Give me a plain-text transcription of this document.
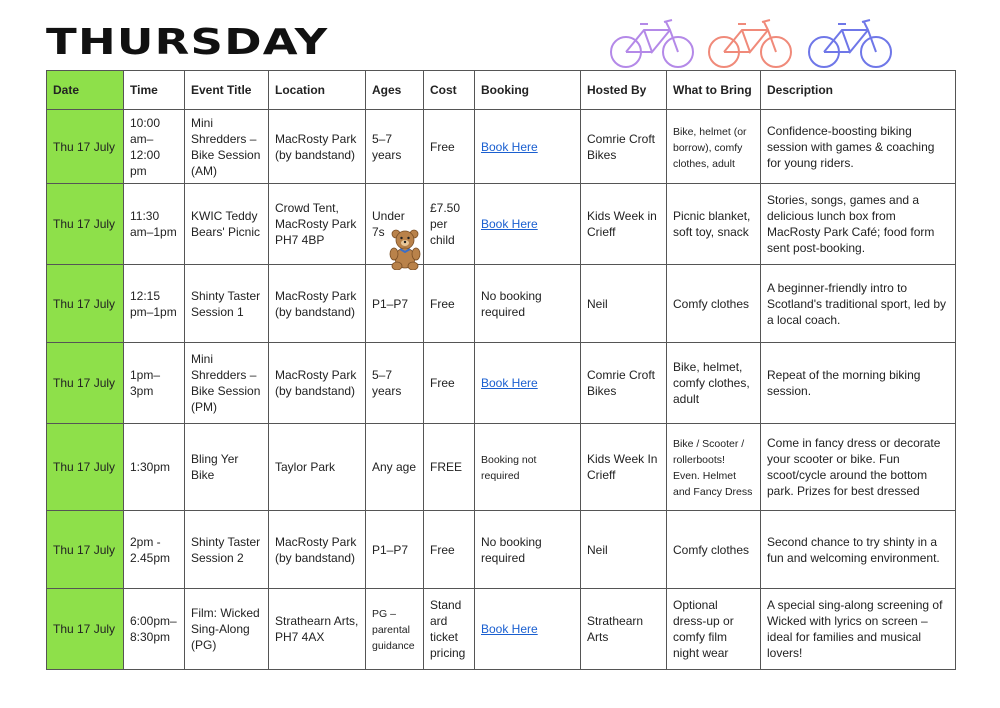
THURSDAY
Date	Time	Event Title	Location	Ages	Cost	Booking	Hosted By	What to Bring	Description
Thu 17 July	10:00 am–12:00 pm	Mini Shredders – Bike Session (AM)	MacRosty Park (by bandstand)	5–7 years	Free	Book Here	Comrie Croft Bikes	Bike, helmet (or borrow), comfy clothes, adult	Confidence-boosting biking session with games & coaching for young riders.
Thu 17 July	11:30 am–1pm	KWIC Teddy Bears' Picnic	Crowd Tent, MacRosty Park PH7 4BP	Under 7s	£7.50 per child	Book Here	Kids Week in Crieff	Picnic blanket, soft toy, snack	Stories, songs, games and a delicious lunch box from MacRosty Park Café; food form sent post-booking.
Thu 17 July	12:15 pm–1pm	Shinty Taster Session 1	MacRosty Park (by bandstand)	P1–P7	Free	No booking required	Neil	Comfy clothes	A beginner-friendly intro to Scotland's traditional sport, led by a local coach.
Thu 17 July	1pm–3pm	Mini Shredders – Bike Session (PM)	MacRosty Park (by bandstand)	5–7 years	Free	Book Here	Comrie Croft Bikes	Bike, helmet, comfy clothes, adult	Repeat of the morning biking session.
Thu 17 July	1:30pm	Bling Yer Bike	Taylor Park	Any age	FREE	Booking not required	Kids Week In Crieff	Bike / Scooter / rollerboots! Even. Helmet and Fancy Dress	Come in fancy dress or decorate your scooter or bike. Fun scoot/cycle around the bottom park. Prizes for best dressed
Thu 17 July	2pm - 2.45pm	Shinty Taster Session 2	MacRosty Park (by bandstand)	P1–P7	Free	No booking required	Neil	Comfy clothes	Second chance to try shinty in a fun and welcoming environment.
Thu 17 July	6:00pm–8:30pm	Film: Wicked Sing-Along (PG)	Strathearn Arts, PH7 4AX	PG – parental guidance	Stand ard ticket pricing	Book Here	Strathearn Arts	Optional dress-up or comfy film night wear	A special sing-along screening of Wicked with lyrics on screen – ideal for families and musical lovers!
